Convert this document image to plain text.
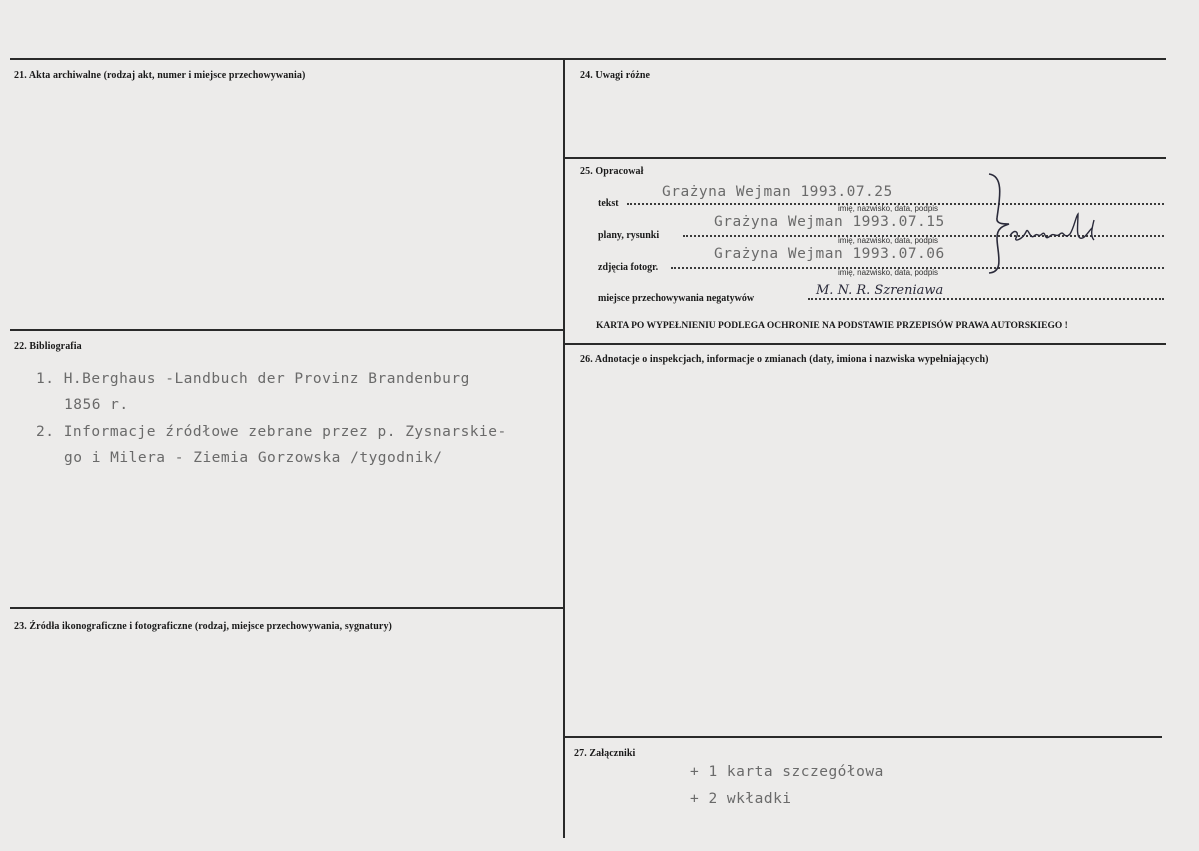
21. Akta archiwalne (rodzaj akt, numer i miejsce przechowywania)
22. Bibliografia
1. H.Berghaus -Landbuch der Provinz Brandenburg
1856 r.
2. Informacje źródłowe zebrane przez p. Zysnarskie-
go i Milera - Ziemia Gorzowska /tygodnik/
23. Źródła ikonograficzne i fotograficzne (rodzaj, miejsce przechowywania, sygnatury)
24. Uwagi różne
25. Opracował
tekst
Grażyna Wejman 1993.07.25
imię, nazwisko, data, podpis
plany, rysunki
Grażyna Wejman 1993.07.15
imię, nazwisko, data, podpis
zdjęcia fotogr.
Grażyna Wejman 1993.07.06
imię, nazwisko, data, podpis
miejsce przechowywania negatywów
M. N. R. Szreniawa
KARTA PO WYPEŁNIENIU PODLEGA OCHRONIE NA PODSTAWIE PRZEPISÓW PRAWA AUTORSKIEGO !
26. Adnotacje o inspekcjach, informacje o zmianach (daty, imiona i nazwiska wypełniających)
27. Załączniki
+ 1 karta szczegółowa
+ 2 wkładki
